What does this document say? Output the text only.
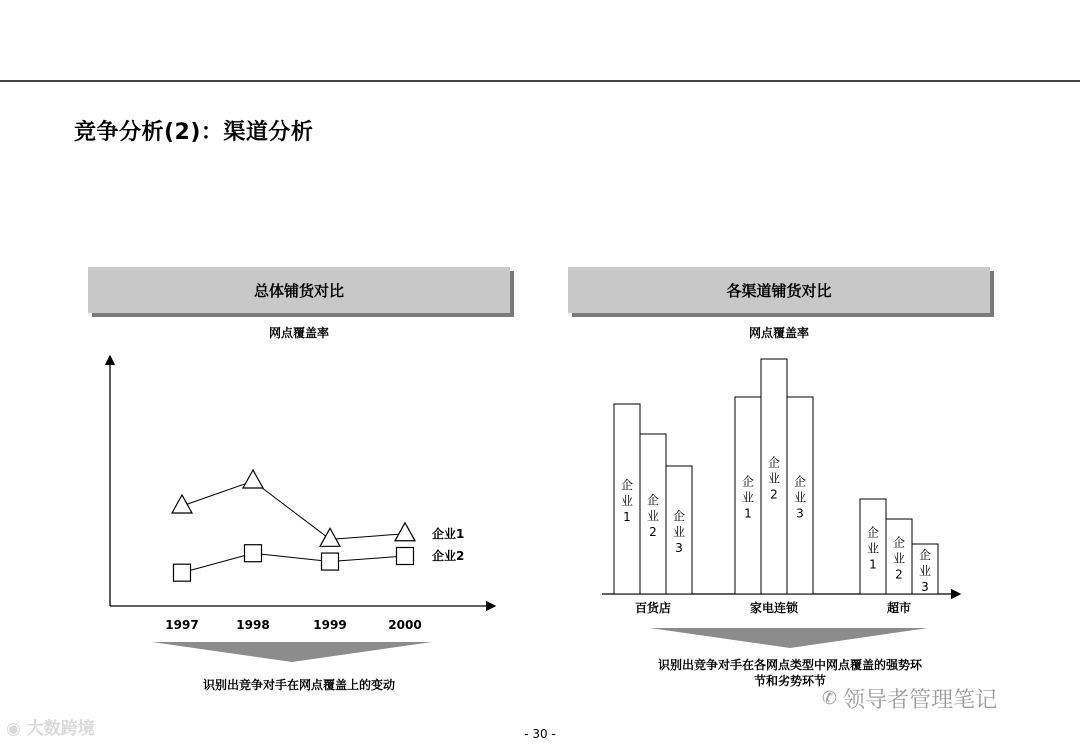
竞争分析(2)：渠道分析
总体铺货对比
网点覆盖率
各渠道铺货对比
网点覆盖率
1997	1998	1999	2000
企业1
企业2
企
业
1
企
业
2
企
业
3
百货店
企
业
1
企
业
2
企
业
3
家电连锁
企
业
1
企
业
2
企
业
3
超市
识别出竞争对手在网点覆盖上的变动
识别出竞争对手在各网点类型中网点覆盖的强势环
节和劣势环节
- 30 -
◉ 大数跨境
✆ 领导者管理笔记
